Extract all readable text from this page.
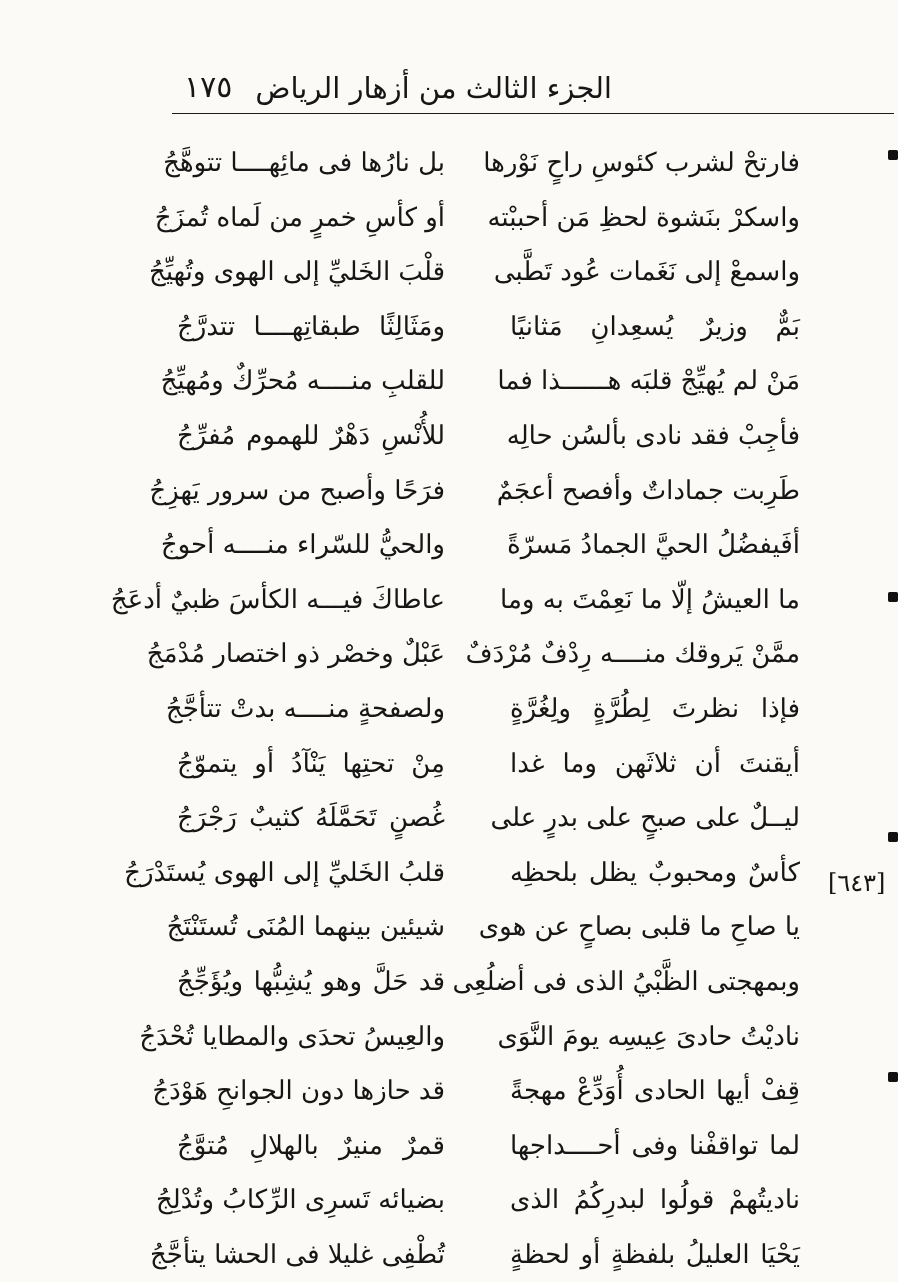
الجزء الثالث من أزهار الرياض
١٧٥
فارتحْ لشرب كئوسِ راحٍ نَوْرها
بل نارُها فى مائِهــــا تتوهَّجُ
واسكرْ بنَشوة لحظِ مَن أحببْته
أو كأسِ خمرٍ من لَماه تُمزَجُ
واسمعْ إلى نَغَمات عُود تَطَّبى
قلْبَ الخَليِّ إلى الهوى وتُهيِّجُ
بَمٌّ وزيرٌ يُسعِدانِ مَثانيًا
ومَثَالِثًا طبقاتِهــــا تتدرَّجُ
مَنْ لم يُهيِّجْ قلبَه هــــــذا فما
للقلبِ منــــه مُحرِّكٌ ومُهيِّجُ
فأجِبْ فقد نادى بألسُن حالِه
للأُنْسِ دَهْرٌ للهموم مُفرِّجُ
طَرِبت جماداتٌ وأفصح أعجَمٌ
فرَحًا وأصبح من سرور يَهزِجُ
أفَيفضُلُ الحيَّ الجمادُ مَسرّةً
والحيُّ للسّراء منــــه أحوجُ
ما العيشُ إلّا ما نَعِمْتَ به وما
عاطاكَ فيـــه الكأسَ ظبيٌ أدعَجُ
ممَّنْ يَروقك منــــه رِدْفٌ مُرْدَفٌ
عَبْلٌ وخصْر ذو اختصار مُدْمَجُ
فإذا نظرتَ لِطُرَّةٍ ولِغُرَّةٍ
ولصفحةٍ منــــه بدتْ تتأجَّجُ
أيقنتَ أن ثلاثَهن وما غدا
مِنْ تحتِها يَنْآدُ أو يتموّجُ
ليــلٌ على صبحٍ على بدرٍ على
غُصنٍ تَحَمَّلَهُ كثيبٌ رَجْرَجُ
كأسٌ ومحبوبٌ يظل بلحظِه
قلبُ الخَليِّ إلى الهوى يُستَدْرَجُ
يا صاحِ ما قلبى بصاحٍ عن هوى
شيئين بينهما المُنَى تُستَنْتَجُ
وبمهجتى الظَّبْيُ الذى فى أضلُعِى
قد حَلَّ وهو يُشِبُّها ويُؤَجِّجُ
ناديْتُ حادىَ عِيسِه يومَ النَّوَى
والعِيسُ تحدَى والمطايا تُحْدَجُ
قِفْ أيها الحادى أُوَدِّعْ مهجةً
قد حازها دون الجوانحِ هَوْدَجُ
لما تواقفْنا وفى أحــــداجها
قمرٌ منيرٌ بالهلالِ مُتوَّجُ
ناديتُهمْ قولُوا لبدرِكُمُ الذى
بضيائه تَسرِى الرِّكابُ وتُدْلِجُ
يَحْيَا العليلُ بلفظةٍ أو لحظةٍ
تُطْفِى غليلا فى الحشا يتأجَّجُ
[٦٤٣]
